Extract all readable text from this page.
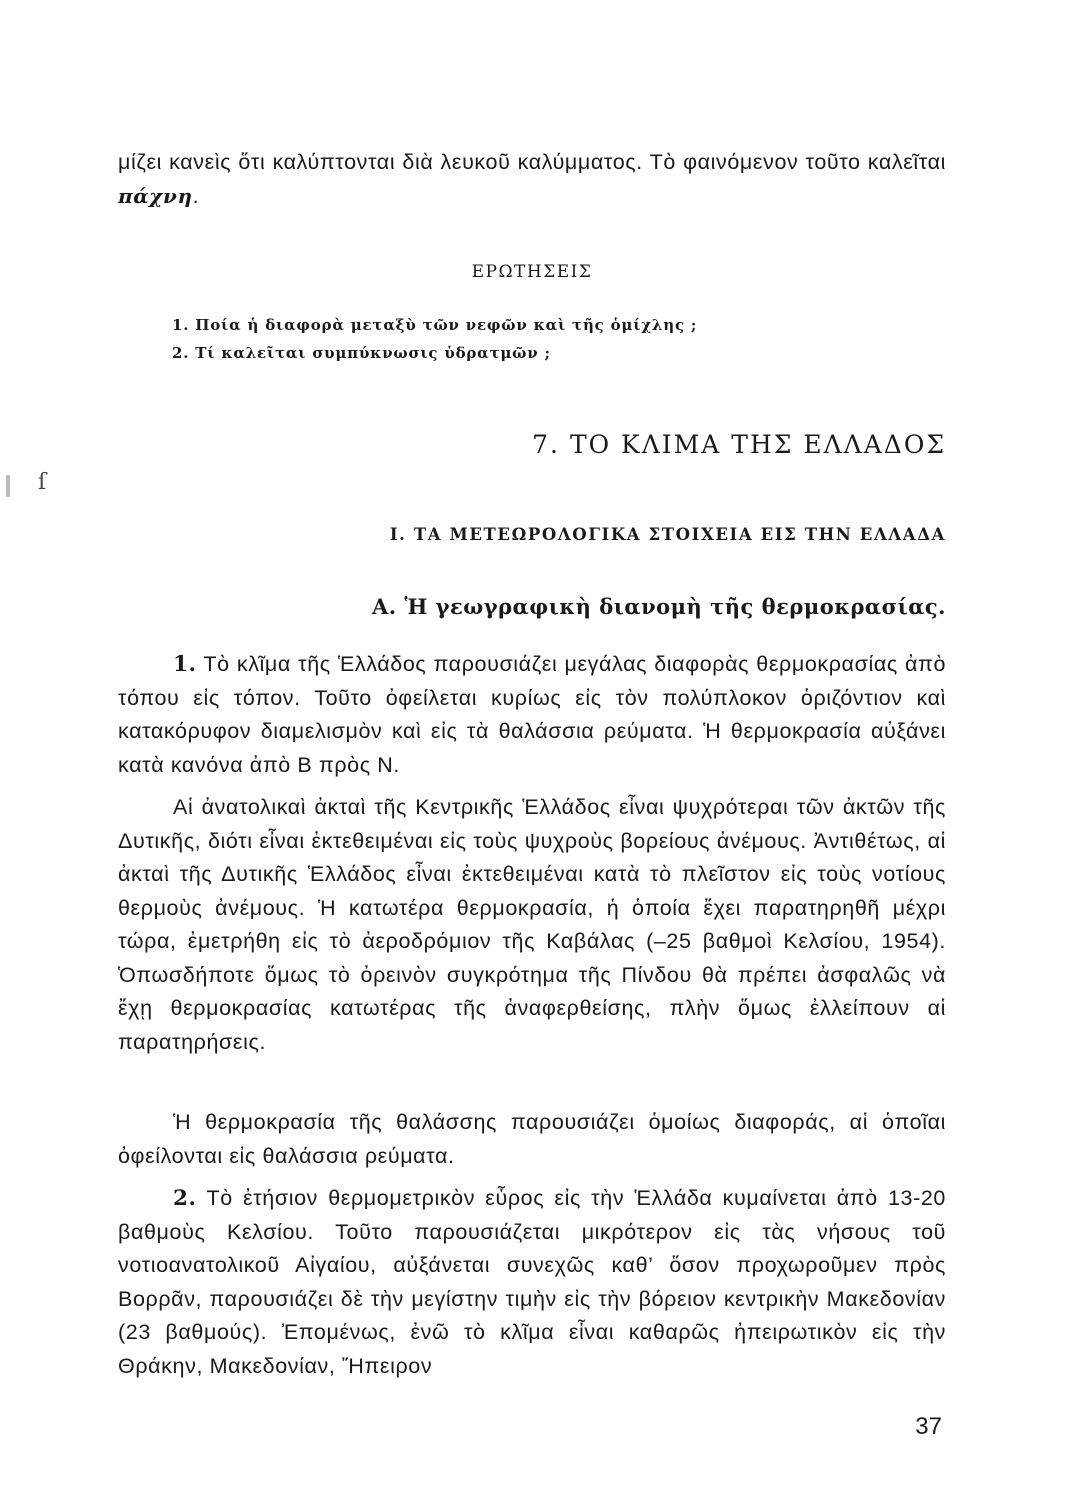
μίζει κανεὶς ὅτι καλύπτονται διὰ λευκοῦ καλύμματος. Τὸ φαινόμενον τοῦτο καλεῖται πάχνη.

ΕΡΩΤΗΣΕΙΣ

1. Ποία ἡ διαφορὰ μεταξὺ τῶν νεφῶν καὶ τῆς ὁμίχλης ;

2. Τί καλεῖται συμπύκνωσις ὑδρατμῶν ;

7. ΤΟ ΚΛΙΜΑ ΤΗΣ ΕΛΛΑΔΟΣ

Ι. ΤΑ ΜΕΤΕΩΡΟΛΟΓΙΚΑ ΣΤΟΙΧΕΙΑ ΕΙΣ ΤΗΝ ΕΛΛΑΔΑ

Α. Ἡ γεωγραφικὴ διανομὴ τῆς θερμοκρασίας.

1. Τὸ κλῖμα τῆς Ἑλλάδος παρουσιάζει μεγάλας διαφορὰς θερμοκρασίας ἀπὸ τόπου εἰς τόπον. Τοῦτο ὀφείλεται κυρίως εἰς τὸν πολύπλοκον ὁριζόντιον καὶ κατακόρυφον διαμελισμὸν καὶ εἰς τὰ θαλάσσια ρεύματα. Ἡ θερμοκρασία αὐξάνει κατὰ κανόνα ἀπὸ Β πρὸς Ν.

Αἱ ἀνατολικαὶ ἀκταὶ τῆς Κεντρικῆς Ἑλλάδος εἶναι ψυχρότεραι τῶν ἀκτῶν τῆς Δυτικῆς, διότι εἶναι ἐκτεθειμέναι εἰς τοὺς ψυχροὺς βορείους ἀνέμους. Ἀντιθέτως, αἱ ἀκταὶ τῆς Δυτικῆς Ἑλλάδος εἶναι ἐκτεθειμέναι κατὰ τὸ πλεῖστον εἰς τοὺς νοτίους θερμοὺς ἀνέμους. Ἡ κατωτέρα θερμοκρασία, ἡ ὁποία ἔχει παρατηρηθῆ μέχρι τώρα, ἐμετρήθη εἰς τὸ ἀεροδρόμιον τῆς Καβάλας (–25 βαθμοὶ Κελσίου, 1954). Ὁπωσδήποτε ὅμως τὸ ὀρεινὸν συγκρότημα τῆς Πίνδου θὰ πρέπει ἀσφαλῶς νὰ ἔχῃ θερμοκρασίας κατωτέρας τῆς ἀναφερθείσης, πλὴν ὅμως ἐλλείπουν αἱ παρατηρήσεις.

Ἡ θερμοκρασία τῆς θαλάσσης παρουσιάζει ὁμοίως διαφοράς, αἱ ὁποῖαι ὀφείλονται εἰς θαλάσσια ρεύματα.

2. Τὸ ἐτήσιον θερμομετρικὸν εὖρος εἰς τὴν Ἑλλάδα κυμαίνεται ἀπὸ 13-20 βαθμοὺς Κελσίου. Τοῦτο παρουσιάζεται μικρότερον εἰς τὰς νήσους τοῦ νοτιοανατολικοῦ Αἰγαίου, αὐξάνεται συνεχῶς καθ’ ὅσον προχωροῦμεν πρὸς Βορρᾶν, παρουσιάζει δὲ τὴν μεγίστην τιμὴν εἰς τὴν βόρειον κεντρικὴν Μακεδονίαν (23 βαθμούς). Ἐπομένως, ἐνῶ τὸ κλῖμα εἶναι καθαρῶς ἠπειρωτικὸν εἰς τὴν Θράκην, Μακεδονίαν, Ἤπειρον

37

ſ
